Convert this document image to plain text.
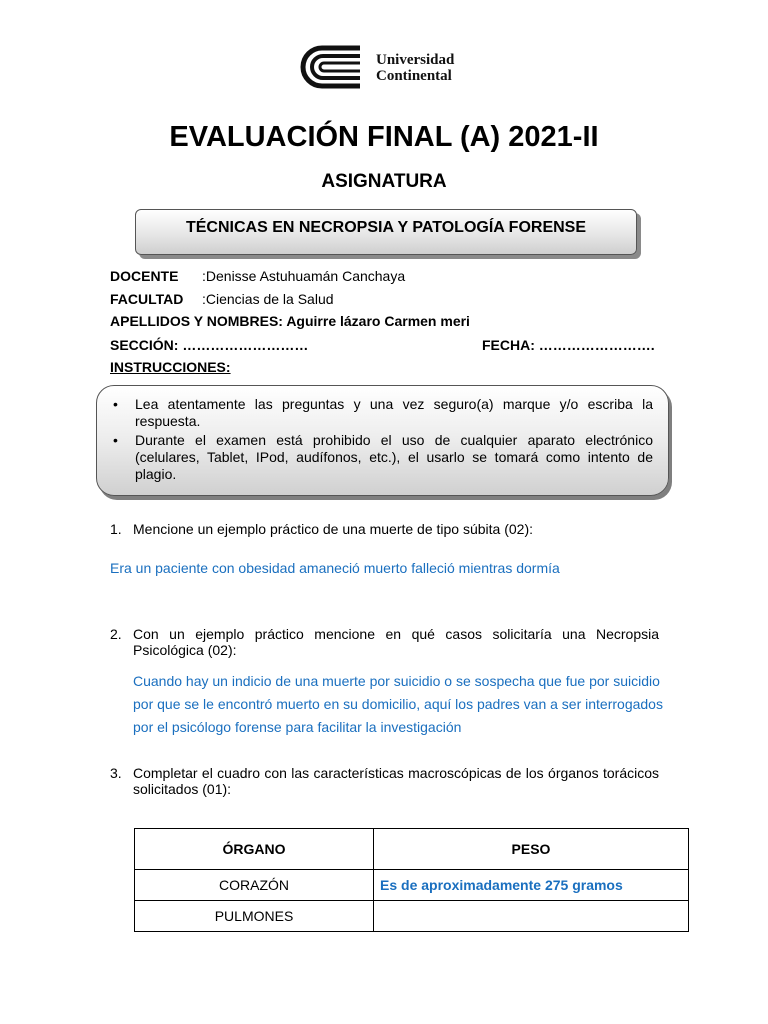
Universidad
Continental
EVALUACIÓN FINAL (A) 2021-II
ASIGNATURA
TÉCNICAS EN NECROPSIA Y PATOLOGÍA FORENSE
DOCENTE :Denisse Astuhuamán Canchaya
FACULTAD :Ciencias de la Salud
APELLIDOS Y NOMBRES: Aguirre lázaro Carmen meri
SECCIÓN: ………………………	FECHA: …………………….
INSTRUCCIONES:
• Lea atentamente las preguntas y una vez seguro(a) marque y/o escriba la respuesta.
• Durante el examen está prohibido el uso de cualquier aparato electrónico (celulares, Tablet, IPod, audífonos, etc.), el usarlo se tomará como intento de plagio.
1. Mencione un ejemplo práctico de una muerte de tipo súbita (02):
Era un paciente con obesidad amaneció muerto falleció mientras dormía
2. Con un ejemplo práctico mencione en qué casos solicitaría una Necropsia Psicológica (02):
Cuando hay un indicio de una muerte por suicidio o se sospecha que fue por suicidio por que se le encontró muerto en su domicilio, aquí los padres van a ser interrogados por el psicólogo forense para facilitar la investigación
3. Completar el cuadro con las características macroscópicas de los órganos torácicos solicitados (01):
ÓRGANO	PESO
CORAZÓN	Es de aproximadamente 275 gramos
PULMONES	
